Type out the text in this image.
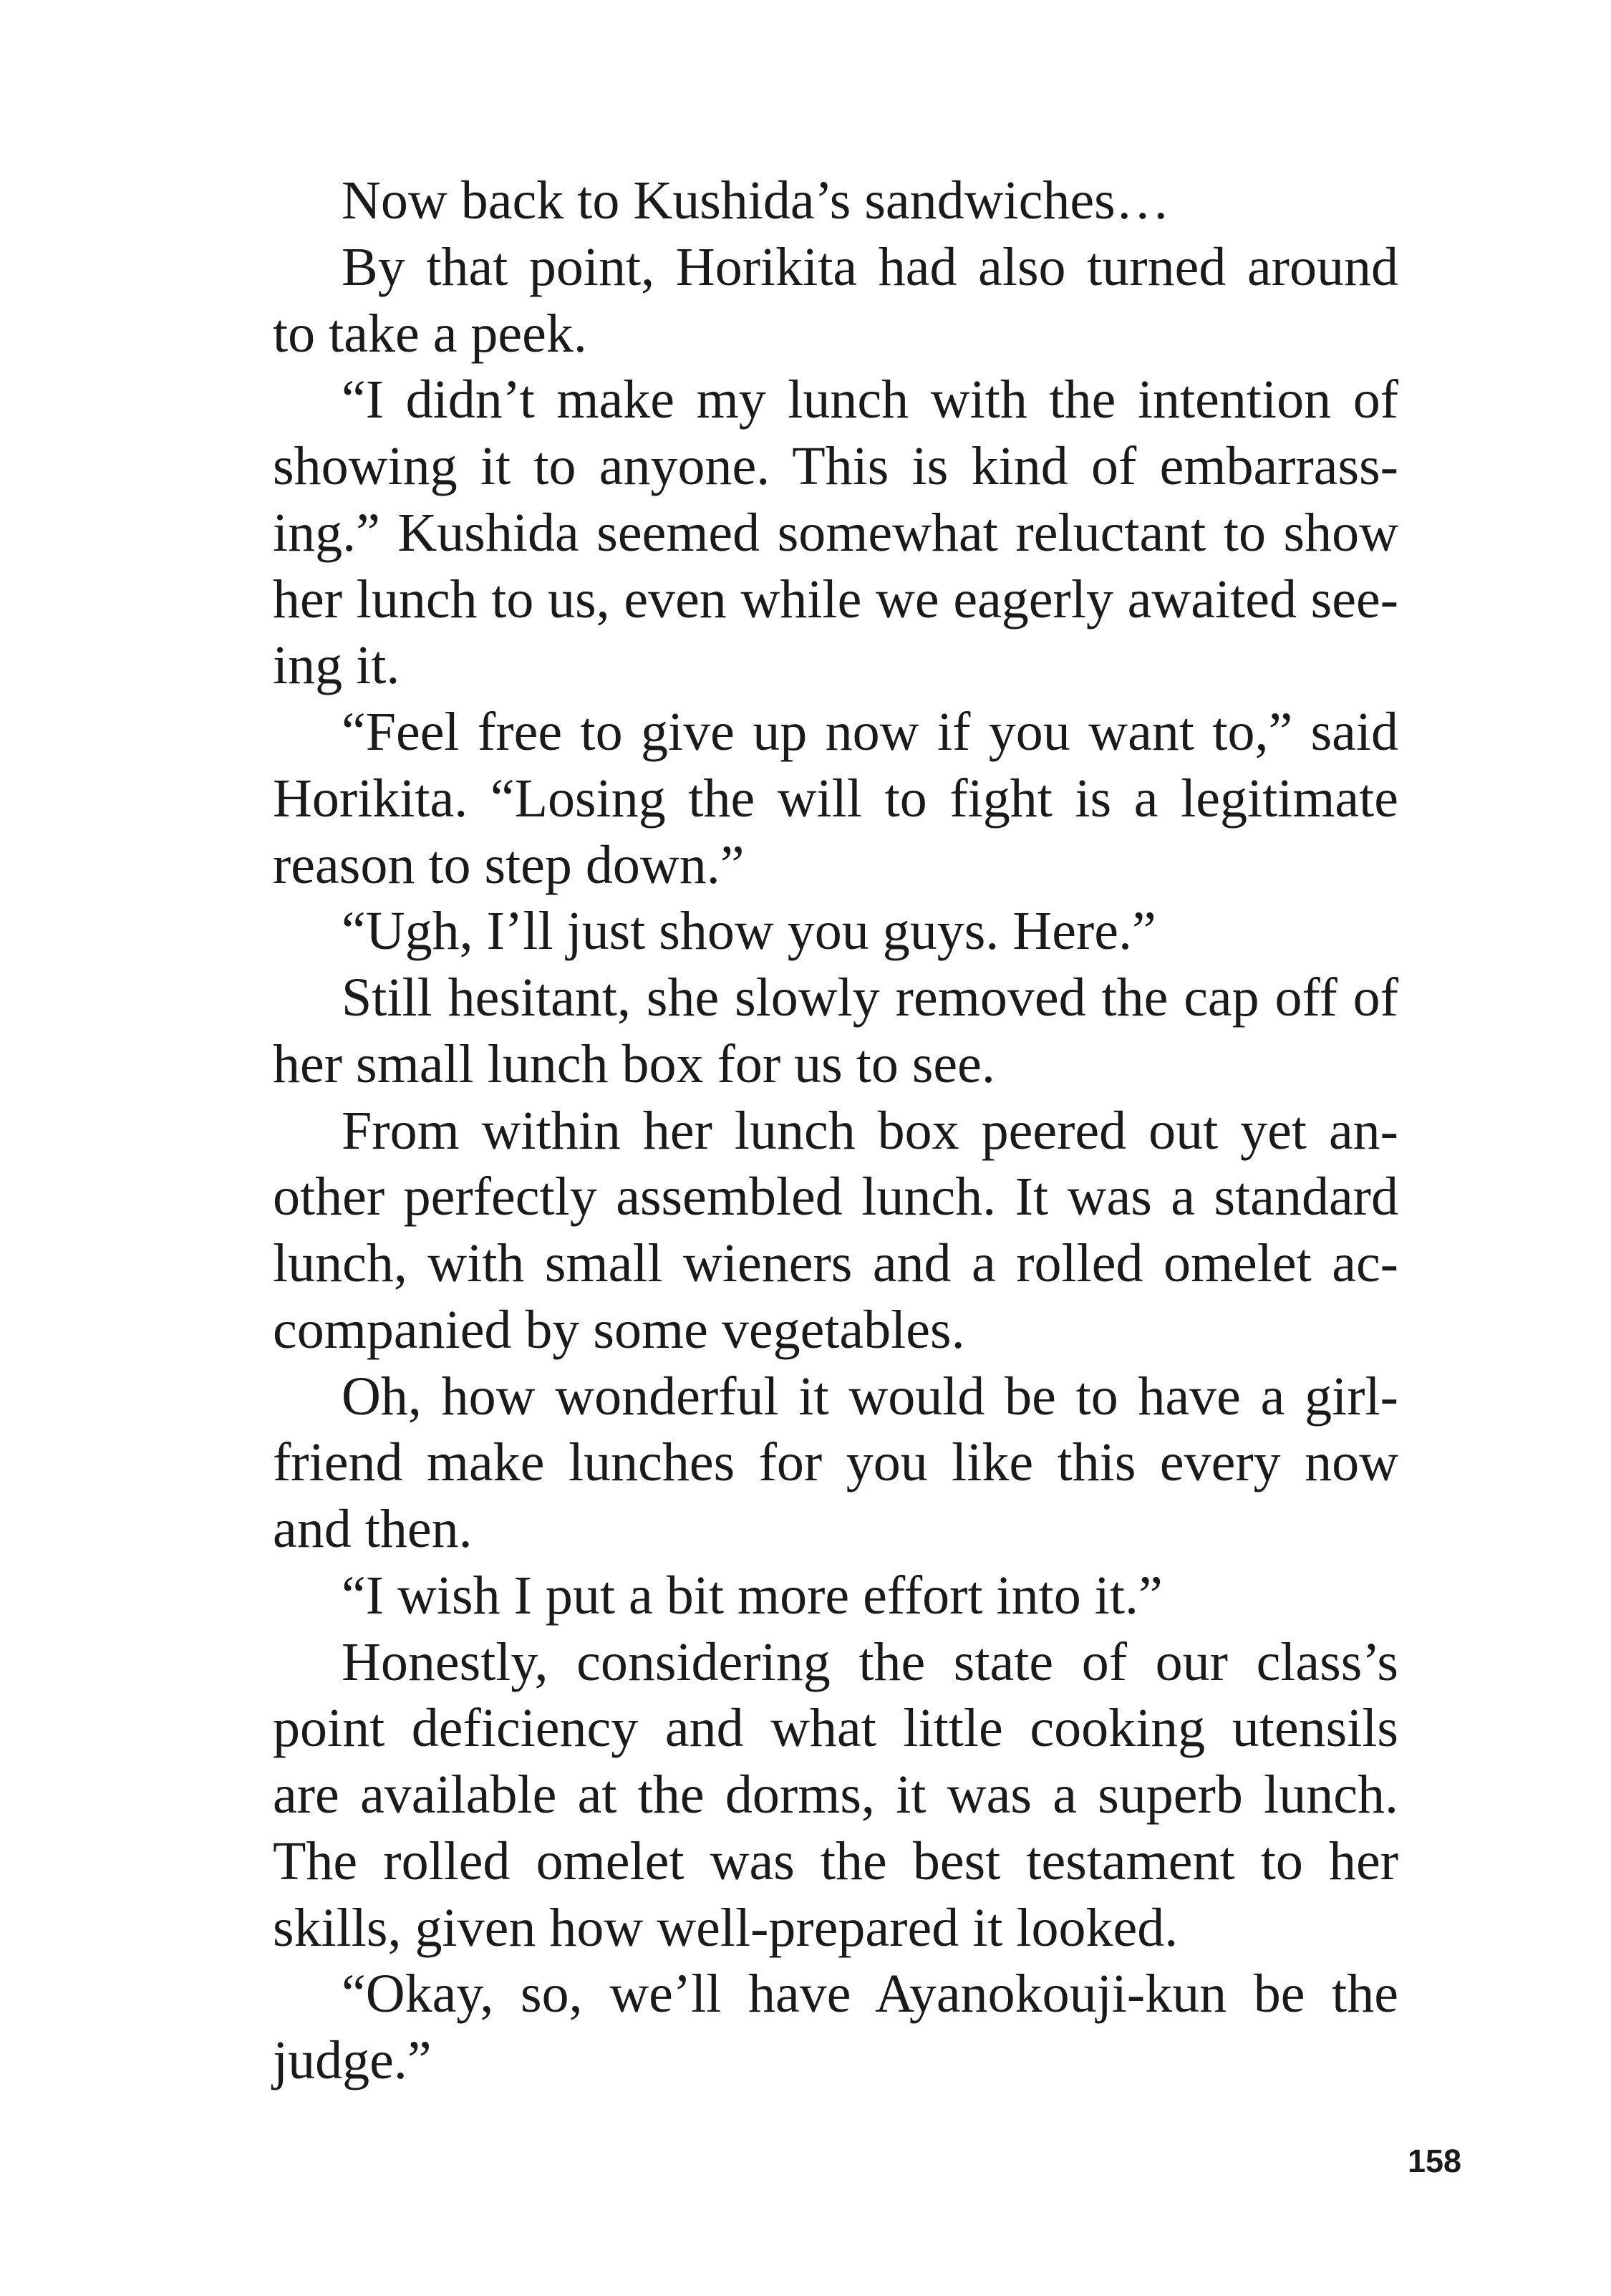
Now back to Kushida’s sandwiches…
By that point, Horikita had also turned around
to take a peek.
“I didn’t make my lunch with the intention of
showing it to anyone. This is kind of embarrass-
ing.” Kushida seemed somewhat reluctant to show
her lunch to us, even while we eagerly awaited see-
ing it.
“Feel free to give up now if you want to,” said
Horikita. “Losing the will to fight is a legitimate
reason to step down.”
“Ugh, I’ll just show you guys. Here.”
Still hesitant, she slowly removed the cap off of
her small lunch box for us to see.
From within her lunch box peered out yet an-
other perfectly assembled lunch. It was a standard
lunch, with small wieners and a rolled omelet ac-
companied by some vegetables.
Oh, how wonderful it would be to have a girl-
friend make lunches for you like this every now
and then.
“I wish I put a bit more effort into it.”
Honestly, considering the state of our class’s
point deficiency and what little cooking utensils
are available at the dorms, it was a superb lunch.
The rolled omelet was the best testament to her
skills, given how well-prepared it looked.
“Okay, so, we’ll have Ayanokouji-kun be the
judge.”
158
